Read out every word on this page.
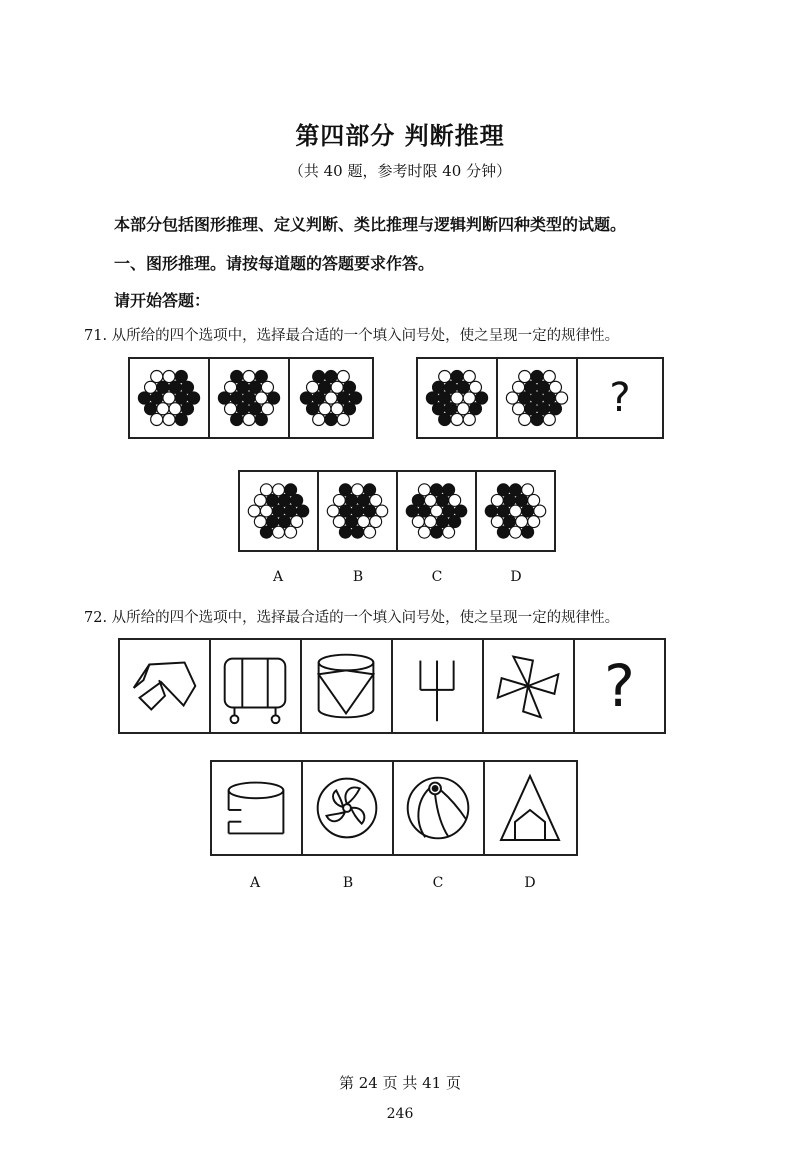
第四部分 判断推理
（共 40 题，参考时限 40 分钟）
本部分包括图形推理、定义判断、类比推理与逻辑判断四种类型的试题。
一、图形推理。请按每道题的答题要求作答。
请开始答题：
71. 从所给的四个选项中，选择最合适的一个填入问号处，使之呈现一定的规律性。
?
A	B	C	D
72. 从所给的四个选项中，选择最合适的一个填入问号处，使之呈现一定的规律性。
?
A	B	C	D
第 24 页 共 41 页
246
